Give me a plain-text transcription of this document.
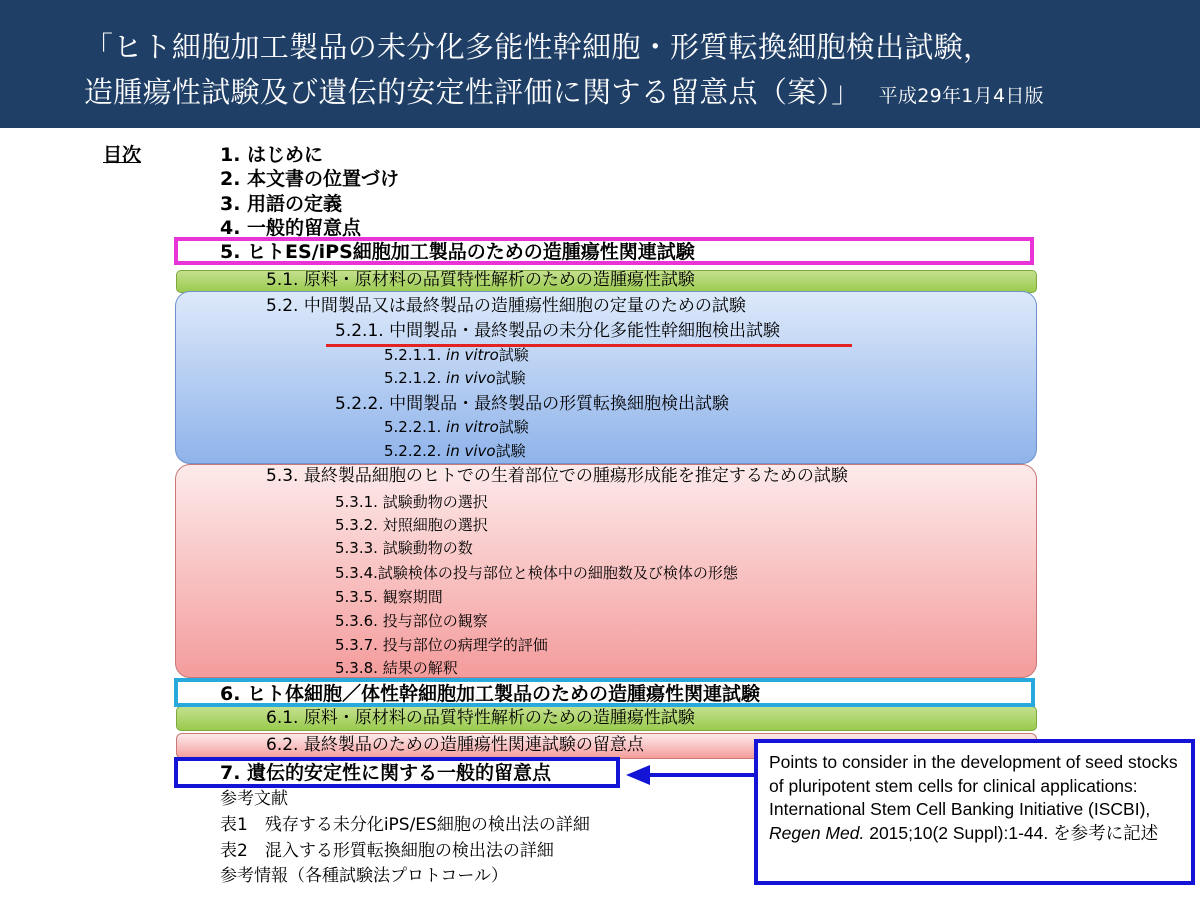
「ヒト細胞加工製品の未分化多能性幹細胞・形質転換細胞検出試験，
造腫瘍性試験及び遺伝的安定性評価に関する留意点（案）」 平成29年1月4日版
目次	1. はじめに
2. 本文書の位置づけ
3. 用語の定義
4. 一般的留意点
5. ヒトES/iPS細胞加工製品のための造腫瘍性関連試験
5.1. 原料・原材料の品質特性解析のための造腫瘍性試験
5.2. 中間製品又は最終製品の造腫瘍性細胞の定量のための試験
5.2.1. 中間製品・最終製品の未分化多能性幹細胞検出試験
5.2.1.1. in vitro試験
5.2.1.2. in vivo試験
5.2.2. 中間製品・最終製品の形質転換細胞検出試験
5.2.2.1. in vitro試験
5.2.2.2. in vivo試験
5.3. 最終製品細胞のヒトでの生着部位での腫瘍形成能を推定するための試験
5.3.1. 試験動物の選択
5.3.2. 対照細胞の選択
5.3.3. 試験動物の数
5.3.4.試験検体の投与部位と検体中の細胞数及び検体の形態
5.3.5. 観察期間
5.3.6. 投与部位の観察
5.3.7. 投与部位の病理学的評価
5.3.8. 結果の解釈
6. ヒト体細胞／体性幹細胞加工製品のための造腫瘍性関連試験
6.1. 原料・原材料の品質特性解析のための造腫瘍性試験
6.2. 最終製品のための造腫瘍性関連試験の留意点
7. 遺伝的安定性に関する一般的留意点
参考文献
表1　残存する未分化iPS/ES細胞の検出法の詳細
表2　混入する形質転換細胞の検出法の詳細
参考情報（各種試験法プロトコール）
Points to consider in the development of seed stocks of pluripotent stem cells for clinical applications: International Stem Cell Banking Initiative (ISCBI), Regen Med. 2015;10(2 Suppl):1-44. を参考に記述
